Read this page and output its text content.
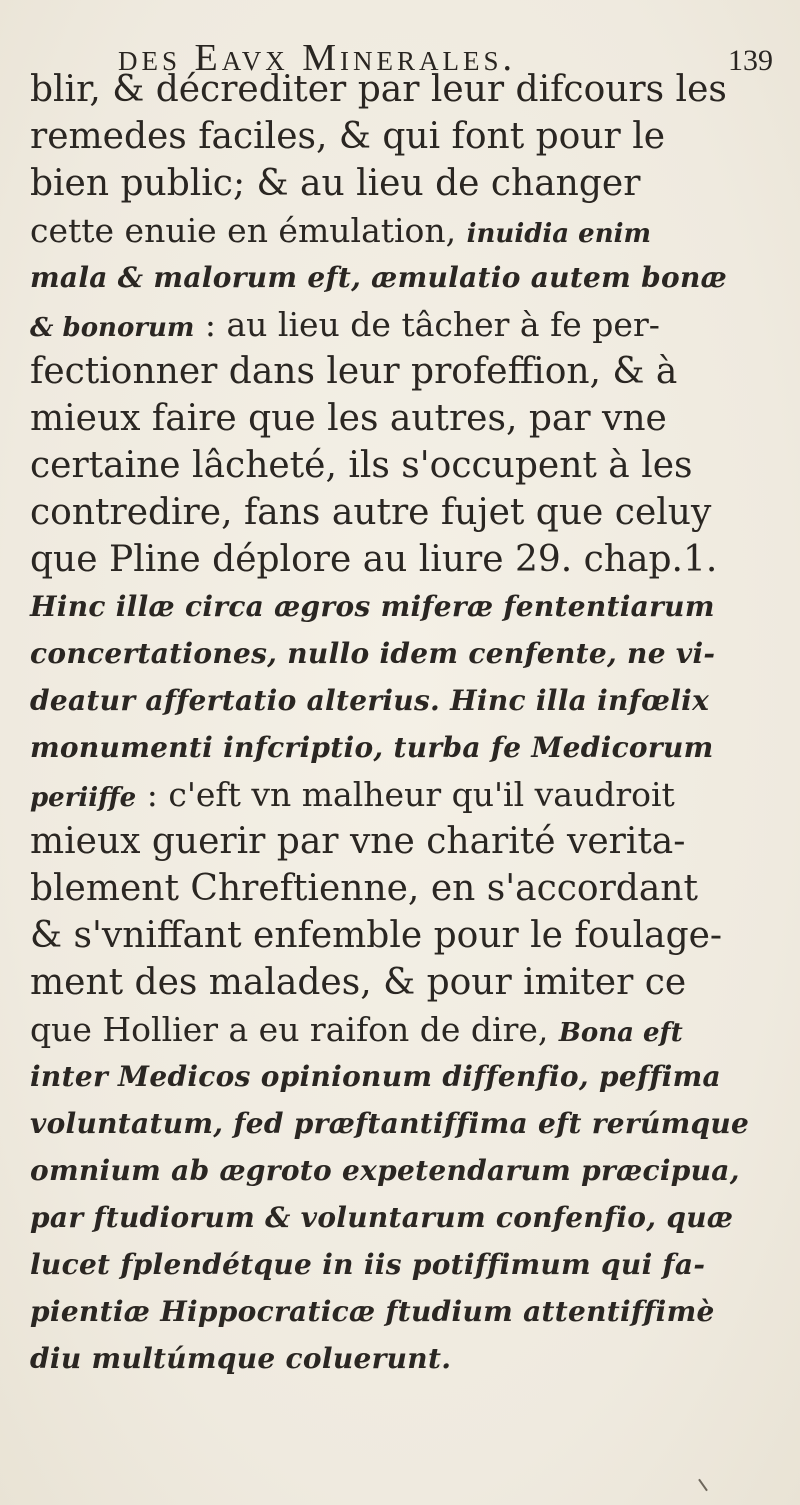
des Eavx Minerales.	139
blir, & décrediter par leur difcours les
remedes faciles, & qui font pour le
bien public; & au lieu de changer
cette enuie en émulation, inuidia enim
mala & malorum eft, æmulatio autem bonæ
& bonorum : au lieu de tâcher à fe per-
fectionner dans leur profeffion, & à
mieux faire que les autres, par vne
certaine lâcheté, ils s'occupent à les
contredire, fans autre fujet que celuy
que Pline déplore au liure 29. chap.1.
Hinc illæ circa ægros miferæ fententiarum
concertationes, nullo idem cenfente, ne vi-
deatur affertatio alterius. Hinc illa infœlix
monumenti infcriptio, turba fe Medicorum
periiffe : c'eft vn malheur qu'il vaudroit
mieux guerir par vne charité verita-
blement Chreftienne, en s'accordant
& s'vniffant enfemble pour le foulage-
ment des malades, & pour imiter ce
que Hollier a eu raifon de dire, Bona eft
inter Medicos opinionum diffenfio, peffima
voluntatum, fed præftantiffima eft rerúmque
omnium ab ægroto expetendarum præcipua,
par ftudiorum & voluntarum confenfio, quæ
lucet fplendétque in iis potiffimum qui fa-
pientiæ Hippocraticæ ftudium attentiffimè
diu multúmque coluerunt.
